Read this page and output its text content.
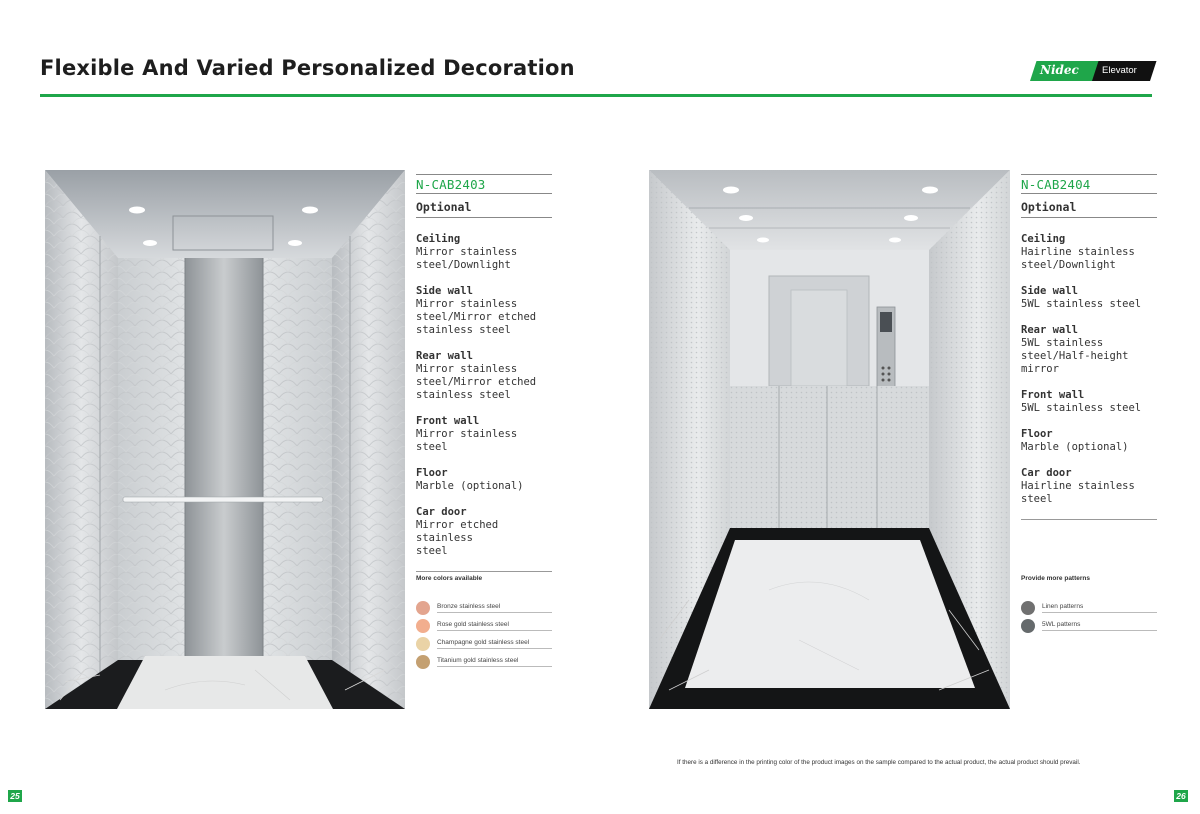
Flexible And Varied Personalized Decoration	Nidec Elevator
N-CAB2403
Optional
Ceiling
Mirror stainless
steel/Downlight
Side wall
Mirror stainless
steel/Mirror etched
stainless steel
Rear wall
Mirror stainless
steel/Mirror etched
stainless steel
Front wall
Mirror stainless steel
Floor
Marble (optional)
Car door
Mirror etched stainless
steel
More colors available
Bronze stainless steel
Rose gold stainless steel
Champagne gold stainless steel
Titanium gold stainless steel
N-CAB2404
Optional
Ceiling
Hairline stainless
steel/Downlight
Side wall
5WL stainless steel
Rear wall
5WL stainless
steel/Half-height mirror
Front wall
5WL stainless steel
Floor
Marble (optional)
Car door
Hairline stainless steel
Provide more patterns
Linen patterns
5WL patterns
If there is a difference in the printing color of the product images on the sample compared to the actual product, the actual product should prevail.
25	26
